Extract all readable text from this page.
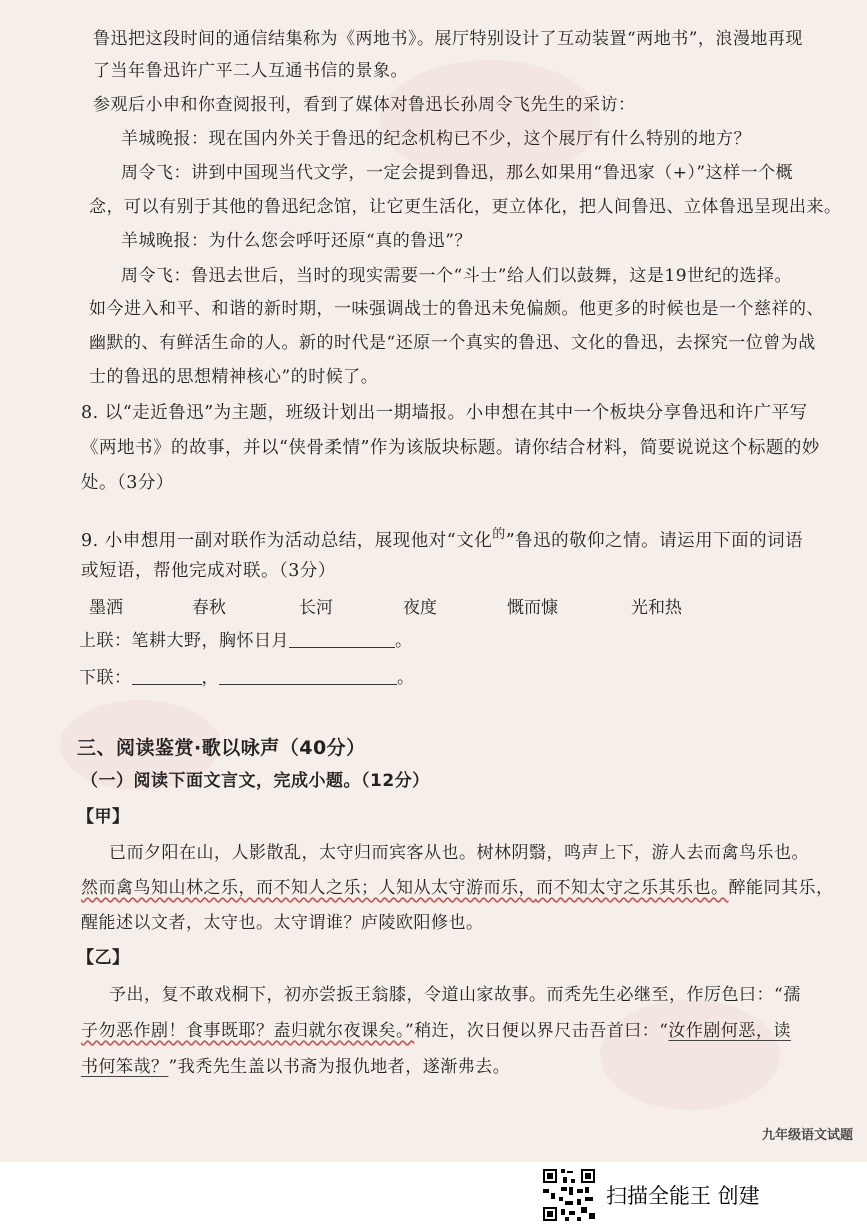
鲁迅把这段时间的通信结集称为《两地书》。展厅特别设计了互动装置“两地书”，浪漫地再现
了当年鲁迅许广平二人互通书信的景象。
参观后小申和你查阅报刊，看到了媒体对鲁迅长孙周令飞先生的采访：
羊城晚报：现在国内外关于鲁迅的纪念机构已不少，这个展厅有什么特别的地方？
周令飞：讲到中国现当代文学，一定会提到鲁迅，那么如果用“鲁迅家（+）”这样一个概
念，可以有别于其他的鲁迅纪念馆，让它更生活化，更立体化，把人间鲁迅、立体鲁迅呈现出来。
羊城晚报：为什么您会呼吁还原“真的鲁迅”？
周令飞：鲁迅去世后，当时的现实需要一个“斗士”给人们以鼓舞，这是19世纪的选择。
如今进入和平、和谐的新时期，一味强调战士的鲁迅未免偏颇。他更多的时候也是一个慈祥的、
幽默的、有鲜活生命的人。新的时代是“还原一个真实的鲁迅、文化的鲁迅，去探究一位曾为战
士的鲁迅的思想精神核心”的时候了。
8. 以“走近鲁迅”为主题，班级计划出一期墙报。小申想在其中一个板块分享鲁迅和许广平写
《两地书》的故事，并以“侠骨柔情”作为该版块标题。请你结合材料，简要说说这个标题的妙
处。（3分）
9. 小申想用一副对联作为活动总结，展现他对“文化$^的$”鲁迅的敬仰之情。请运用下面的词语
或短语，帮他完成对联。（3分）
墨洒	春秋	长河	夜度	慨而慷	光和热
上联：笔耕大野，胸怀日月	。
下联：	，	。
三、阅读鉴赏·歌以咏声（40分）
（一）阅读下面文言文，完成小题。（12分）
【甲】
已而夕阳在山，人影散乱，太守归而宾客从也。树林阴翳，鸣声上下，游人去而禽鸟乐也。
然而禽鸟知山林之乐，而不知人之乐；人知从太守游而乐，而不知太守之乐其乐也。醉能同其乐，
醒能述以文者，太守也。太守谓谁？庐陵欧阳修也。
【乙】
予出，复不敢戏桐下，初亦尝扳王翁膝，令道山家故事。而秃先生必继至，作厉色曰：“孺
子勿恶作剧！食事既耶？盍归就尔夜课矣。”稍迕，次日便以界尺击吾首曰：“汝作剧何恶，读
书何笨哉？”我秃先生盖以书斋为报仇地者，遂渐弗去。
九年级语文试题
扫描全能王 创建
